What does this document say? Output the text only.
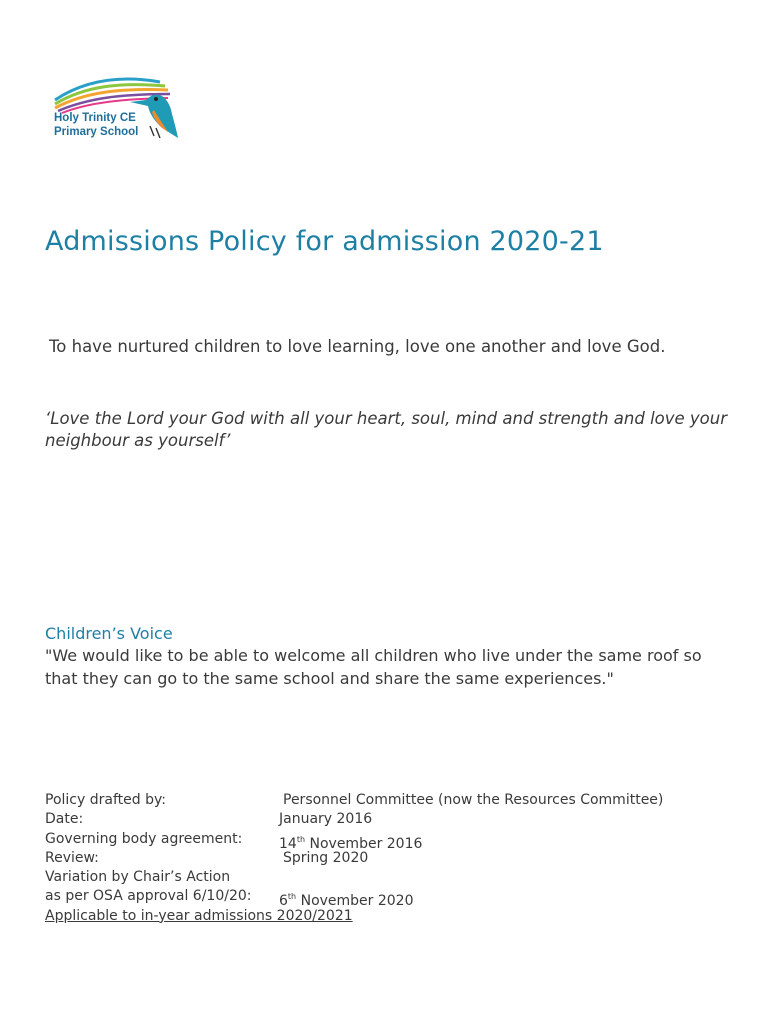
Holy Trinity CE
Primary School
Admissions Policy for admission 2020-21
To have nurtured children to love learning, love one another and love God.
‘Love the Lord your God with all your heart, soul, mind and strength and love your neighbour as yourself’
Children’s Voice
"We would like to be able to welcome all children who live under the same roof so that they can go to the same school and share the same experiences."
Policy drafted by:	Personnel Committee (now the Resources Committee)
Date:	January 2016
Governing body agreement:	14th November 2016
Review:	Spring 2020
Variation by Chair’s Action
as per OSA approval 6/10/20: 6th November 2020
Applicable to in-year admissions 2020/2021
